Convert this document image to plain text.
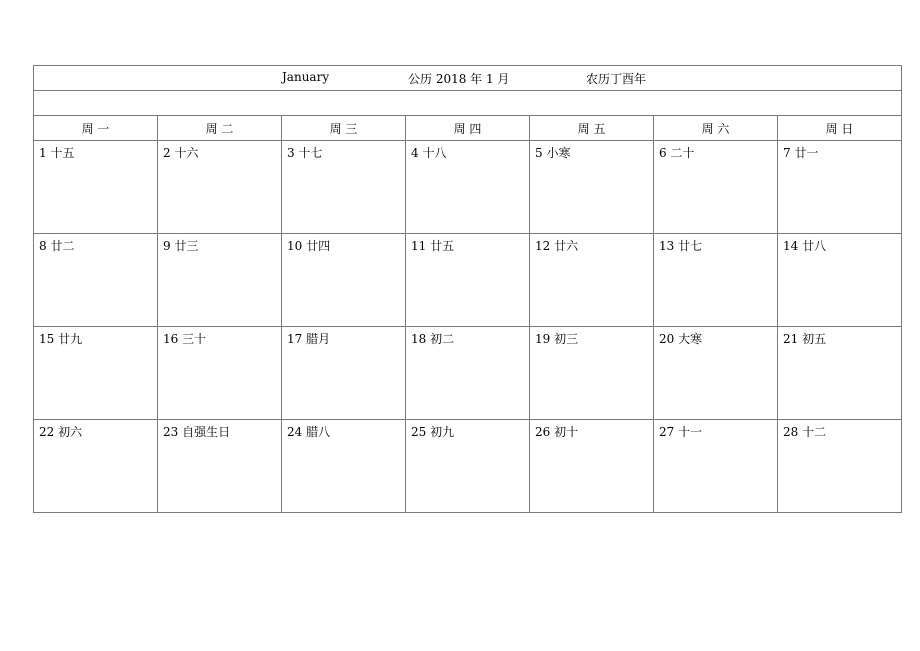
January 公历 2018 年 1 月 农历丁酉年						

周 一	周 二	周 三	周 四	周 五	周 六	周 日

1 十五	2 十六	3 十七	4 十八	5 小寒	6 二十	7 廿一

8 廿二	9 廿三	10 廿四	11 廿五	12 廿六	13 廿七	14 廿八

15 廿九	16 三十	17 腊月	18 初二	19 初三	20 大寒	21 初五

22 初六	23 自强生日	24 腊八	25 初九	26 初十	27 十一	28 十二
